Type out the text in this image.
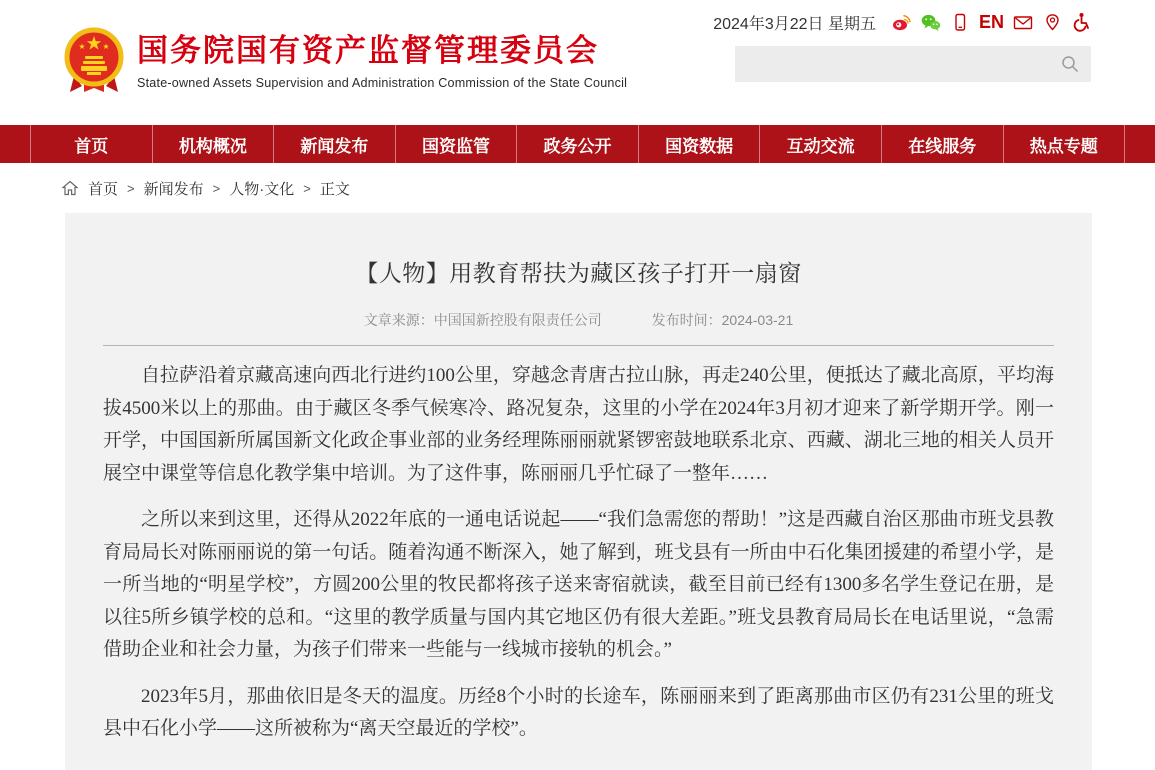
国务院国有资产监督管理委员会
State-owned Assets Supervision and Administration Commission of the State Council
2024年3月22日 星期五	EN
首页	机构概况	新闻发布	国资监管	政务公开	国资数据	互动交流	在线服务	热点专题
首页 > 新闻发布 > 人物·文化 > 正文
【人物】用教育帮扶为藏区孩子打开一扇窗
文章来源：中国国新控股有限责任公司	发布时间：2024-03-21

自拉萨沿着京藏高速向西北行进约100公里，穿越念青唐古拉山脉，再走240公里，便抵达了藏北高原，平均海拔4500米以上的那曲。由于藏区冬季气候寒冷、路况复杂，这里的小学在2024年3月初才迎来了新学期开学。刚一开学，中国国新所属国新文化政企事业部的业务经理陈丽丽就紧锣密鼓地联系北京、西藏、湖北三地的相关人员开展空中课堂等信息化教学集中培训。为了这件事，陈丽丽几乎忙碌了一整年……

之所以来到这里，还得从2022年底的一通电话说起——“我们急需您的帮助！”这是西藏自治区那曲市班戈县教育局局长对陈丽丽说的第一句话。随着沟通不断深入，她了解到，班戈县有一所由中石化集团援建的希望小学，是一所当地的“明星学校”，方圆200公里的牧民都将孩子送来寄宿就读，截至目前已经有1300多名学生登记在册，是以往5所乡镇学校的总和。“这里的教学质量与国内其它地区仍有很大差距。”班戈县教育局局长在电话里说，“急需借助企业和社会力量，为孩子们带来一些能与一线城市接轨的机会。”

2023年5月，那曲依旧是冬天的温度。历经8个小时的长途车，陈丽丽来到了距离那曲市区仍有231公里的班戈县中石化小学——这所被称为“离天空最近的学校”。
